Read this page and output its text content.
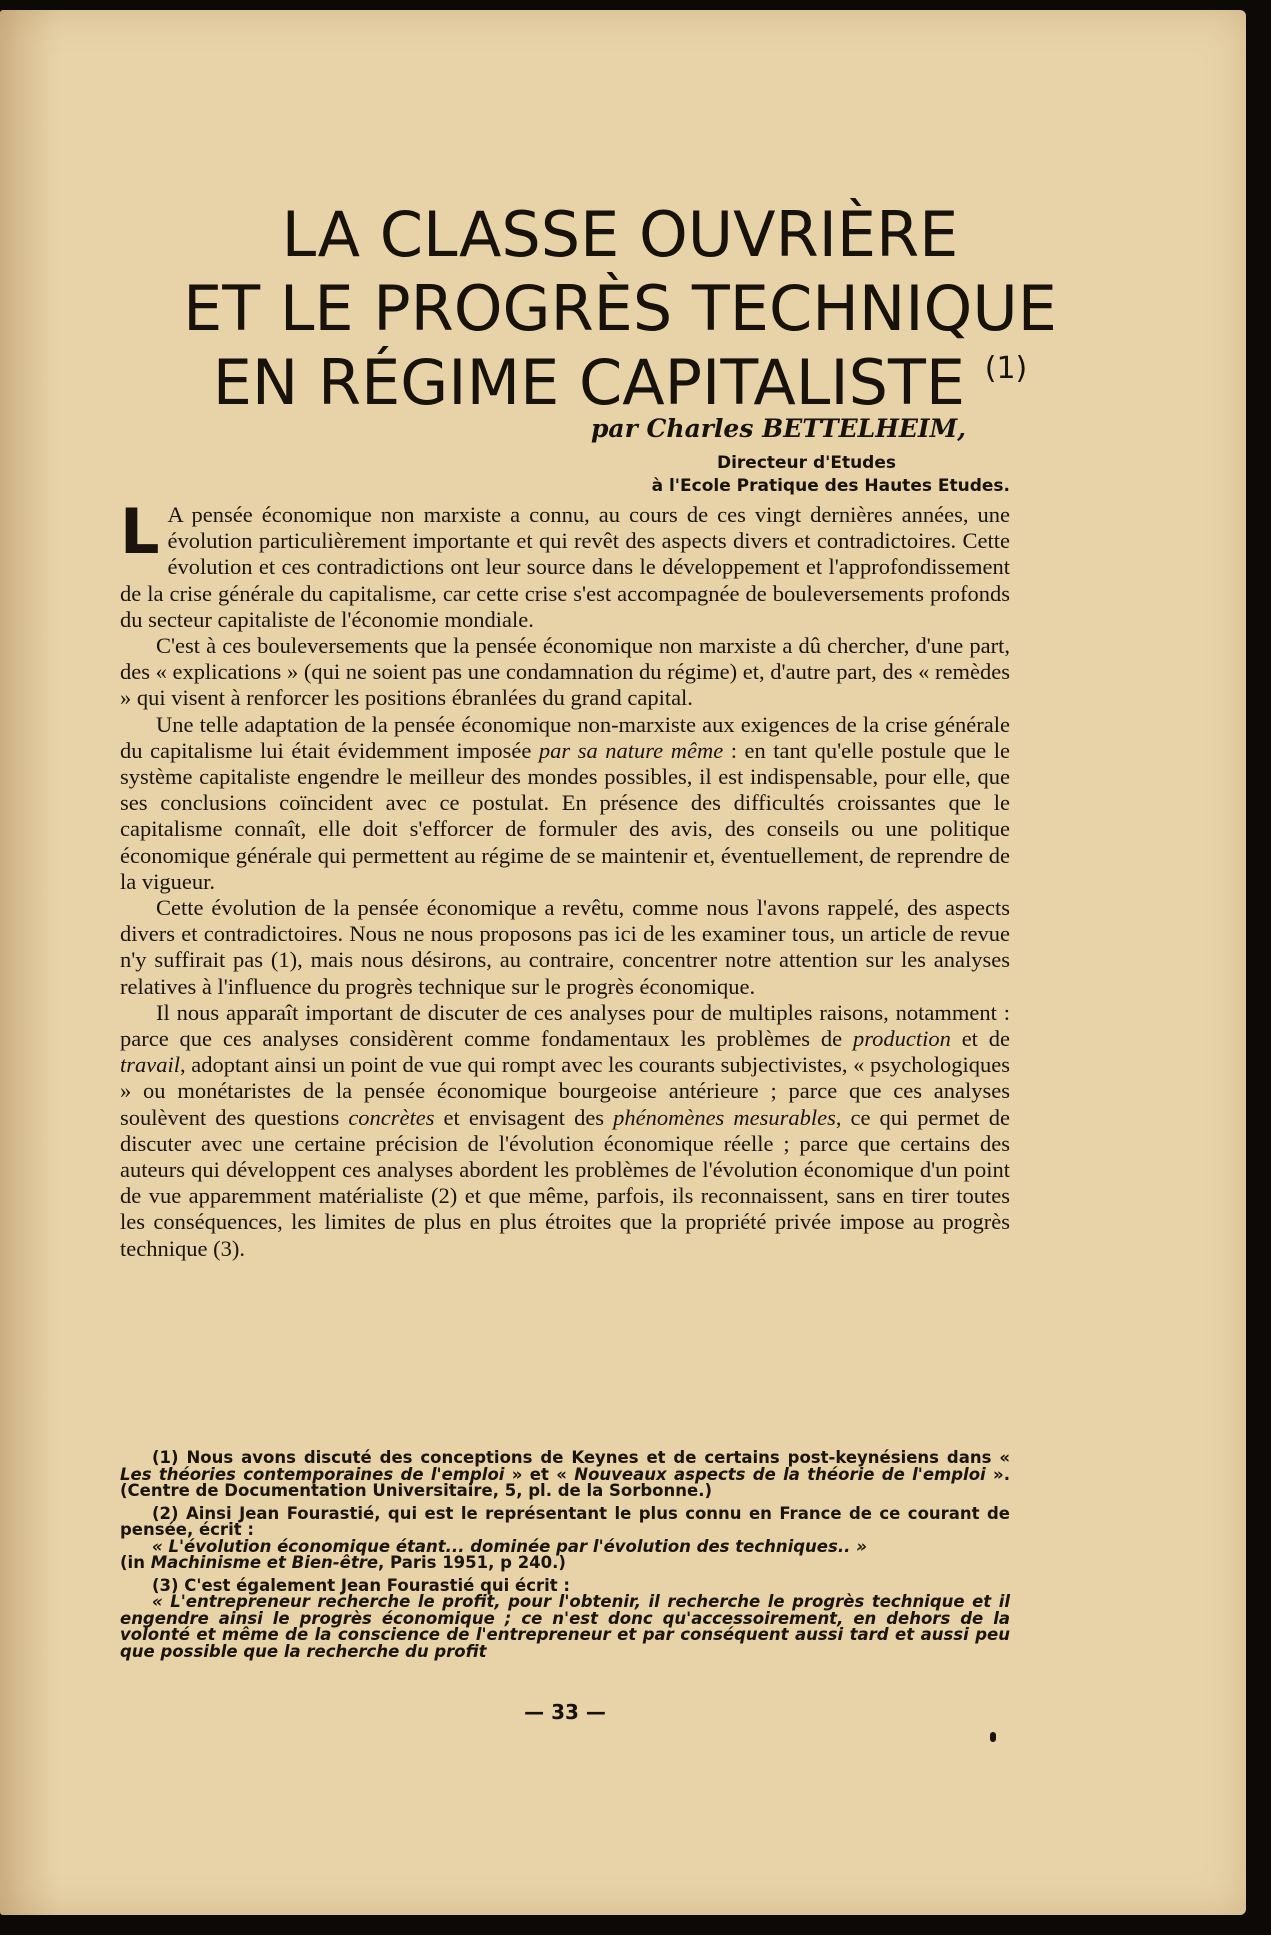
LA CLASSE OUVRIÈRE
ET LE PROGRÈS TECHNIQUE
EN RÉGIME CAPITALISTE $^{(1)}$

par Charles BETTELHEIM,

Directeur d'Etudes

à l'Ecole Pratique des Hautes Etudes.

L A pensée économique non marxiste a connu, au cours de ces vingt dernières années, une évolution particulièrement importante et qui revêt des aspects divers et contradictoires. Cette évolution et ces contradictions ont leur source dans le développement et l'approfondissement de la crise générale du capitalisme, car cette crise s'est accompagnée de bouleversements profonds du secteur capitaliste de l'économie mondiale.

C'est à ces bouleversements que la pensée économique non marxiste a dû chercher, d'une part, des « explications » (qui ne soient pas une condamnation du régime) et, d'autre part, des « remèdes » qui visent à renforcer les positions ébranlées du grand capital.

Une telle adaptation de la pensée économique non-marxiste aux exigences de la crise générale du capitalisme lui était évidemment imposée par sa nature même : en tant qu'elle postule que le système capitaliste engendre le meilleur des mondes possibles, il est indispensable, pour elle, que ses conclusions coïncident avec ce postulat. En présence des difficultés croissantes que le capitalisme connaît, elle doit s'efforcer de formuler des avis, des conseils ou une politique économique générale qui permettent au régime de se maintenir et, éventuellement, de reprendre de la vigueur.

Cette évolution de la pensée économique a revêtu, comme nous l'avons rappelé, des aspects divers et contradictoires. Nous ne nous proposons pas ici de les examiner tous, un article de revue n'y suffirait pas (1), mais nous désirons, au contraire, concentrer notre attention sur les analyses relatives à l'influence du progrès technique sur le progrès économique.

Il nous apparaît important de discuter de ces analyses pour de multiples raisons, notamment : parce que ces analyses considèrent comme fondamentaux les problèmes de production et de travail, adoptant ainsi un point de vue qui rompt avec les courants subjectivistes, « psychologiques » ou monétaristes de la pensée économique bourgeoise antérieure ; parce que ces analyses soulèvent des questions concrètes et envisagent des phénomènes mesurables, ce qui permet de discuter avec une certaine précision de l'évolution économique réelle ; parce que certains des auteurs qui développent ces analyses abordent les problèmes de l'évolution économique d'un point de vue apparemment matérialiste (2) et que même, parfois, ils reconnaissent, sans en tirer toutes les conséquences, les limites de plus en plus étroites que la propriété privée impose au progrès technique (3).

(1) Nous avons discuté des conceptions de Keynes et de certains post-keynésiens dans « Les théories contemporaines de l'emploi » et « Nouveaux aspects de la théorie de l'emploi ». (Centre de Documentation Universitaire, 5, pl. de la Sorbonne.)

(2) Ainsi Jean Fourastié, qui est le représentant le plus connu en France de ce courant de pensée, écrit :

« L'évolution économique étant... dominée par l'évolution des techniques.. »

(in Machinisme et Bien-être, Paris 1951, p 240.)

(3) C'est également Jean Fourastié qui écrit :

« L'entrepreneur recherche le profit, pour l'obtenir, il recherche le progrès technique et il engendre ainsi le progrès économique ; ce n'est donc qu'accessoirement, en dehors de la volonté et même de la conscience de l'entrepreneur et par conséquent aussi tard et aussi peu que possible que la recherche du profit

— 33 —
